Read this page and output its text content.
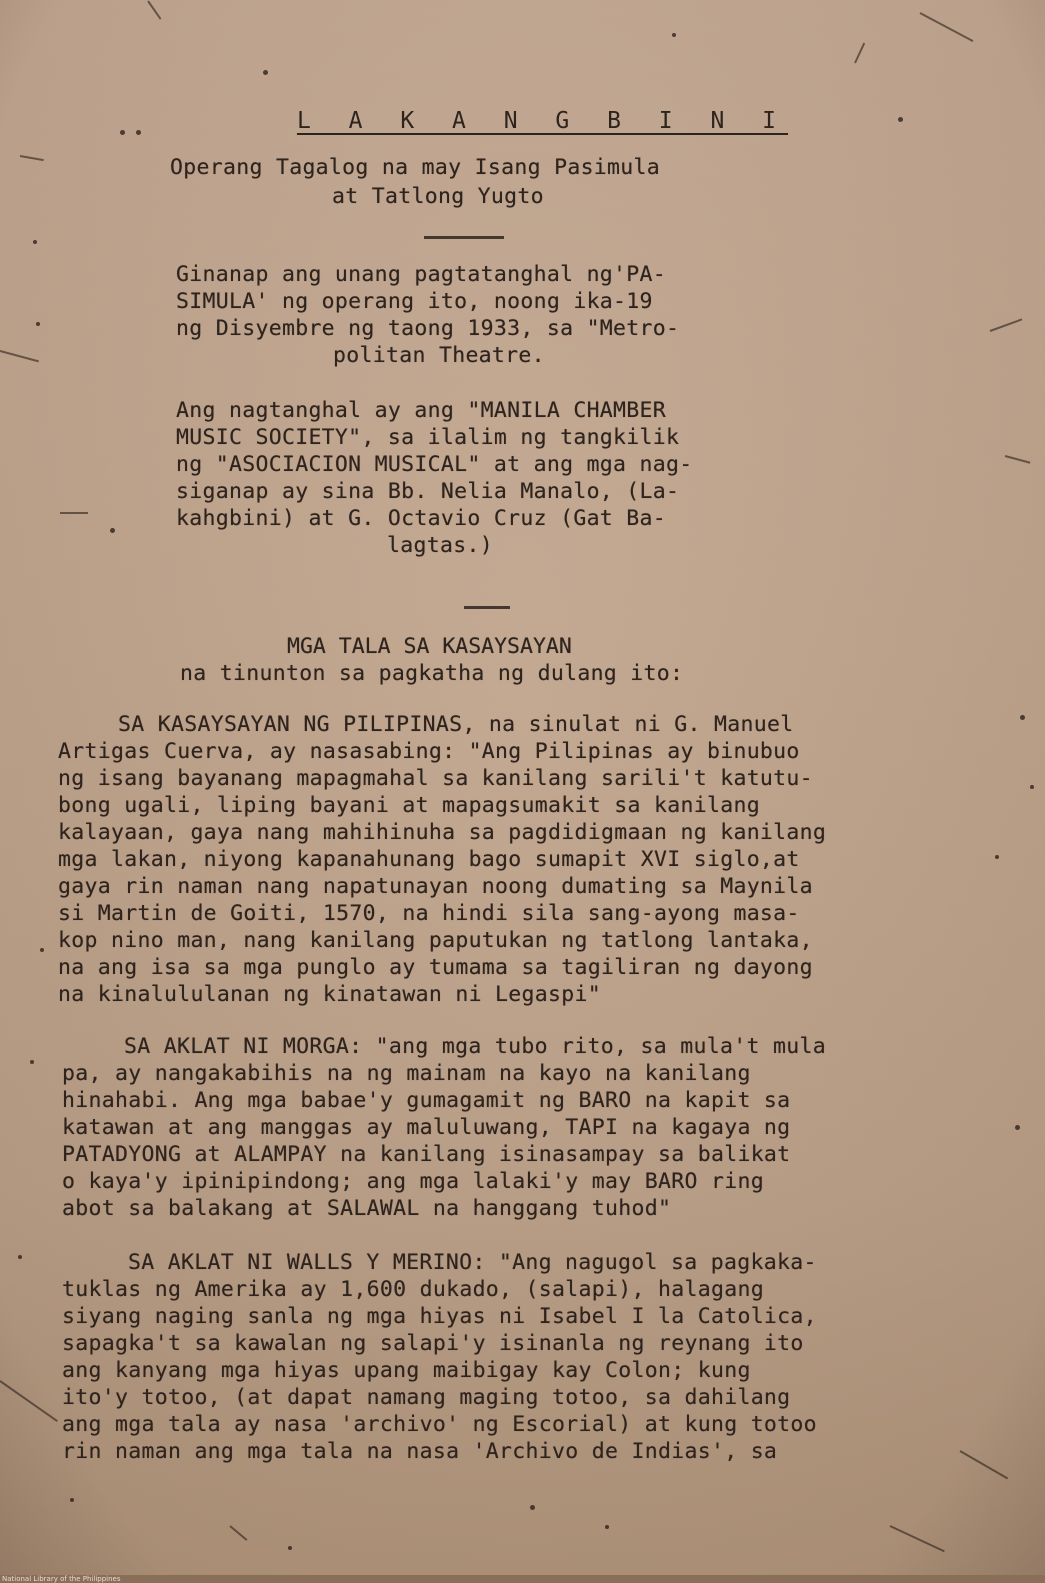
L A K A N G B I N I

Operang Tagalog na may Isang Pasimula

at Tatlong Yugto

Ginanap ang unang pagtatanghal ng'PA-

SIMULA' ng operang ito, noong ika-19

ng Disyembre ng taong 1933, sa "Metro-

politan Theatre.

Ang nagtanghal ay ang "MANILA CHAMBER

MUSIC SOCIETY", sa ilalim ng tangkilik

ng "ASOCIACION MUSICAL" at ang mga nag-

siganap ay sina Bb. Nelia Manalo, (La-

kahgbini) at G. Octavio Cruz (Gat Ba-

lagtas.)

MGA TALA SA KASAYSAYAN

na tinunton sa pagkatha ng dulang ito:

SA KASAYSAYAN NG PILIPINAS, na sinulat ni G. Manuel

Artigas Cuerva, ay nasasabing: "Ang Pilipinas ay binubuo

ng isang bayanang mapagmahal sa kanilang sarili't katutu-

bong ugali, liping bayani at mapagsumakit sa kanilang

kalayaan, gaya nang mahihinuha sa pagdidigmaan ng kanilang

mga lakan, niyong kapanahunang bago sumapit XVI siglo,at

gaya rin naman nang napatunayan noong dumating sa Maynila

si Martin de Goiti, 1570, na hindi sila sang-ayong masa-

kop nino man, nang kanilang paputukan ng tatlong lantaka,

na ang isa sa mga punglo ay tumama sa tagiliran ng dayong

na kinalululanan ng kinatawan ni Legaspi"

SA AKLAT NI MORGA: "ang mga tubo rito, sa mula't mula

pa, ay nangakabihis na ng mainam na kayo na kanilang

hinahabi. Ang mga babae'y gumagamit ng BARO na kapit sa

katawan at ang manggas ay maluluwang, TAPI na kagaya ng

PATADYONG at ALAMPAY na kanilang isinasampay sa balikat

o kaya'y ipinipindong; ang mga lalaki'y may BARO ring

abot sa balakang at SALAWAL na hanggang tuhod"

SA AKLAT NI WALLS Y MERINO: "Ang nagugol sa pagkaka-

tuklas ng Amerika ay 1,600 dukado, (salapi), halagang

siyang naging sanla ng mga hiyas ni Isabel I la Catolica,

sapagka't sa kawalan ng salapi'y isinanla ng reynang ito

ang kanyang mga hiyas upang maibigay kay Colon; kung

ito'y totoo, (at dapat namang maging totoo, sa dahilang

ang mga tala ay nasa 'archivo' ng Escorial) at kung totoo

rin naman ang mga tala na nasa 'Archivo de Indias', sa

National Library of the Philippines
